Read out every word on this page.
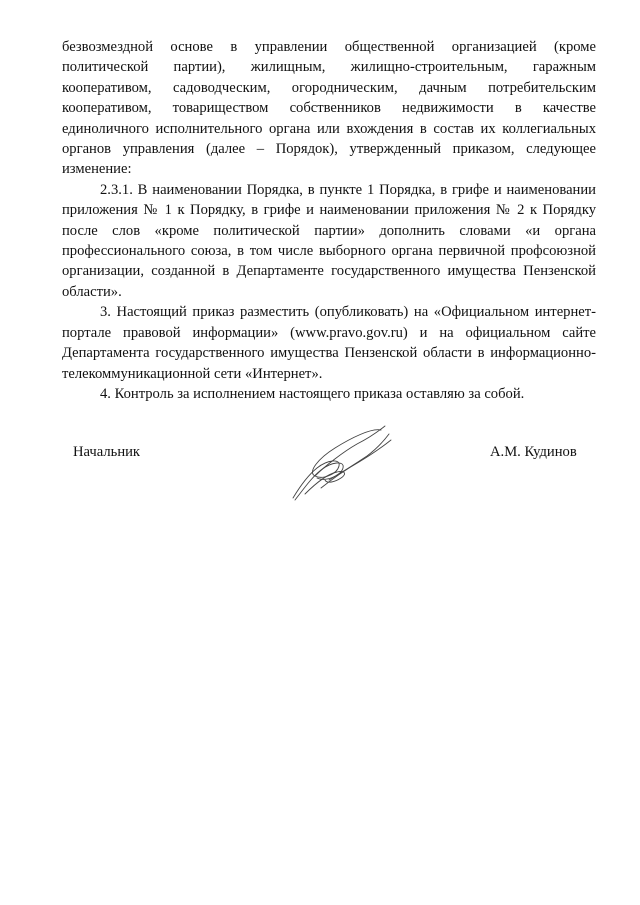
безвозмездной основе в управлении общественной организацией (кроме политической партии), жилищным, жилищно-строительным, гаражным кооперативом, садоводческим, огородническим, дачным потребительским кооперативом, товариществом собственников недвижимости в качестве единоличного исполнительного органа или вхождения в состав их коллегиальных органов управления (далее – Порядок), утвержденный приказом, следующее изменение:

2.3.1. В наименовании Порядка, в пункте 1 Порядка, в грифе и наименовании приложения № 1 к Порядку, в грифе и наименовании приложения № 2 к Порядку после слов «кроме политической партии» дополнить словами «и органа профессионального союза, в том числе выборного органа первичной профсоюзной организации, созданной в Департаменте государственного имущества Пензенской области».

3. Настоящий приказ разместить (опубликовать) на «Официальном интернет-портале правовой информации» (www.pravo.gov.ru) и на официальном сайте Департамента государственного имущества Пензенской области в информационно-телекоммуникационной сети «Интернет».

4. Контроль за исполнением настоящего приказа оставляю за собой.

Начальник	А.М. Кудинов
